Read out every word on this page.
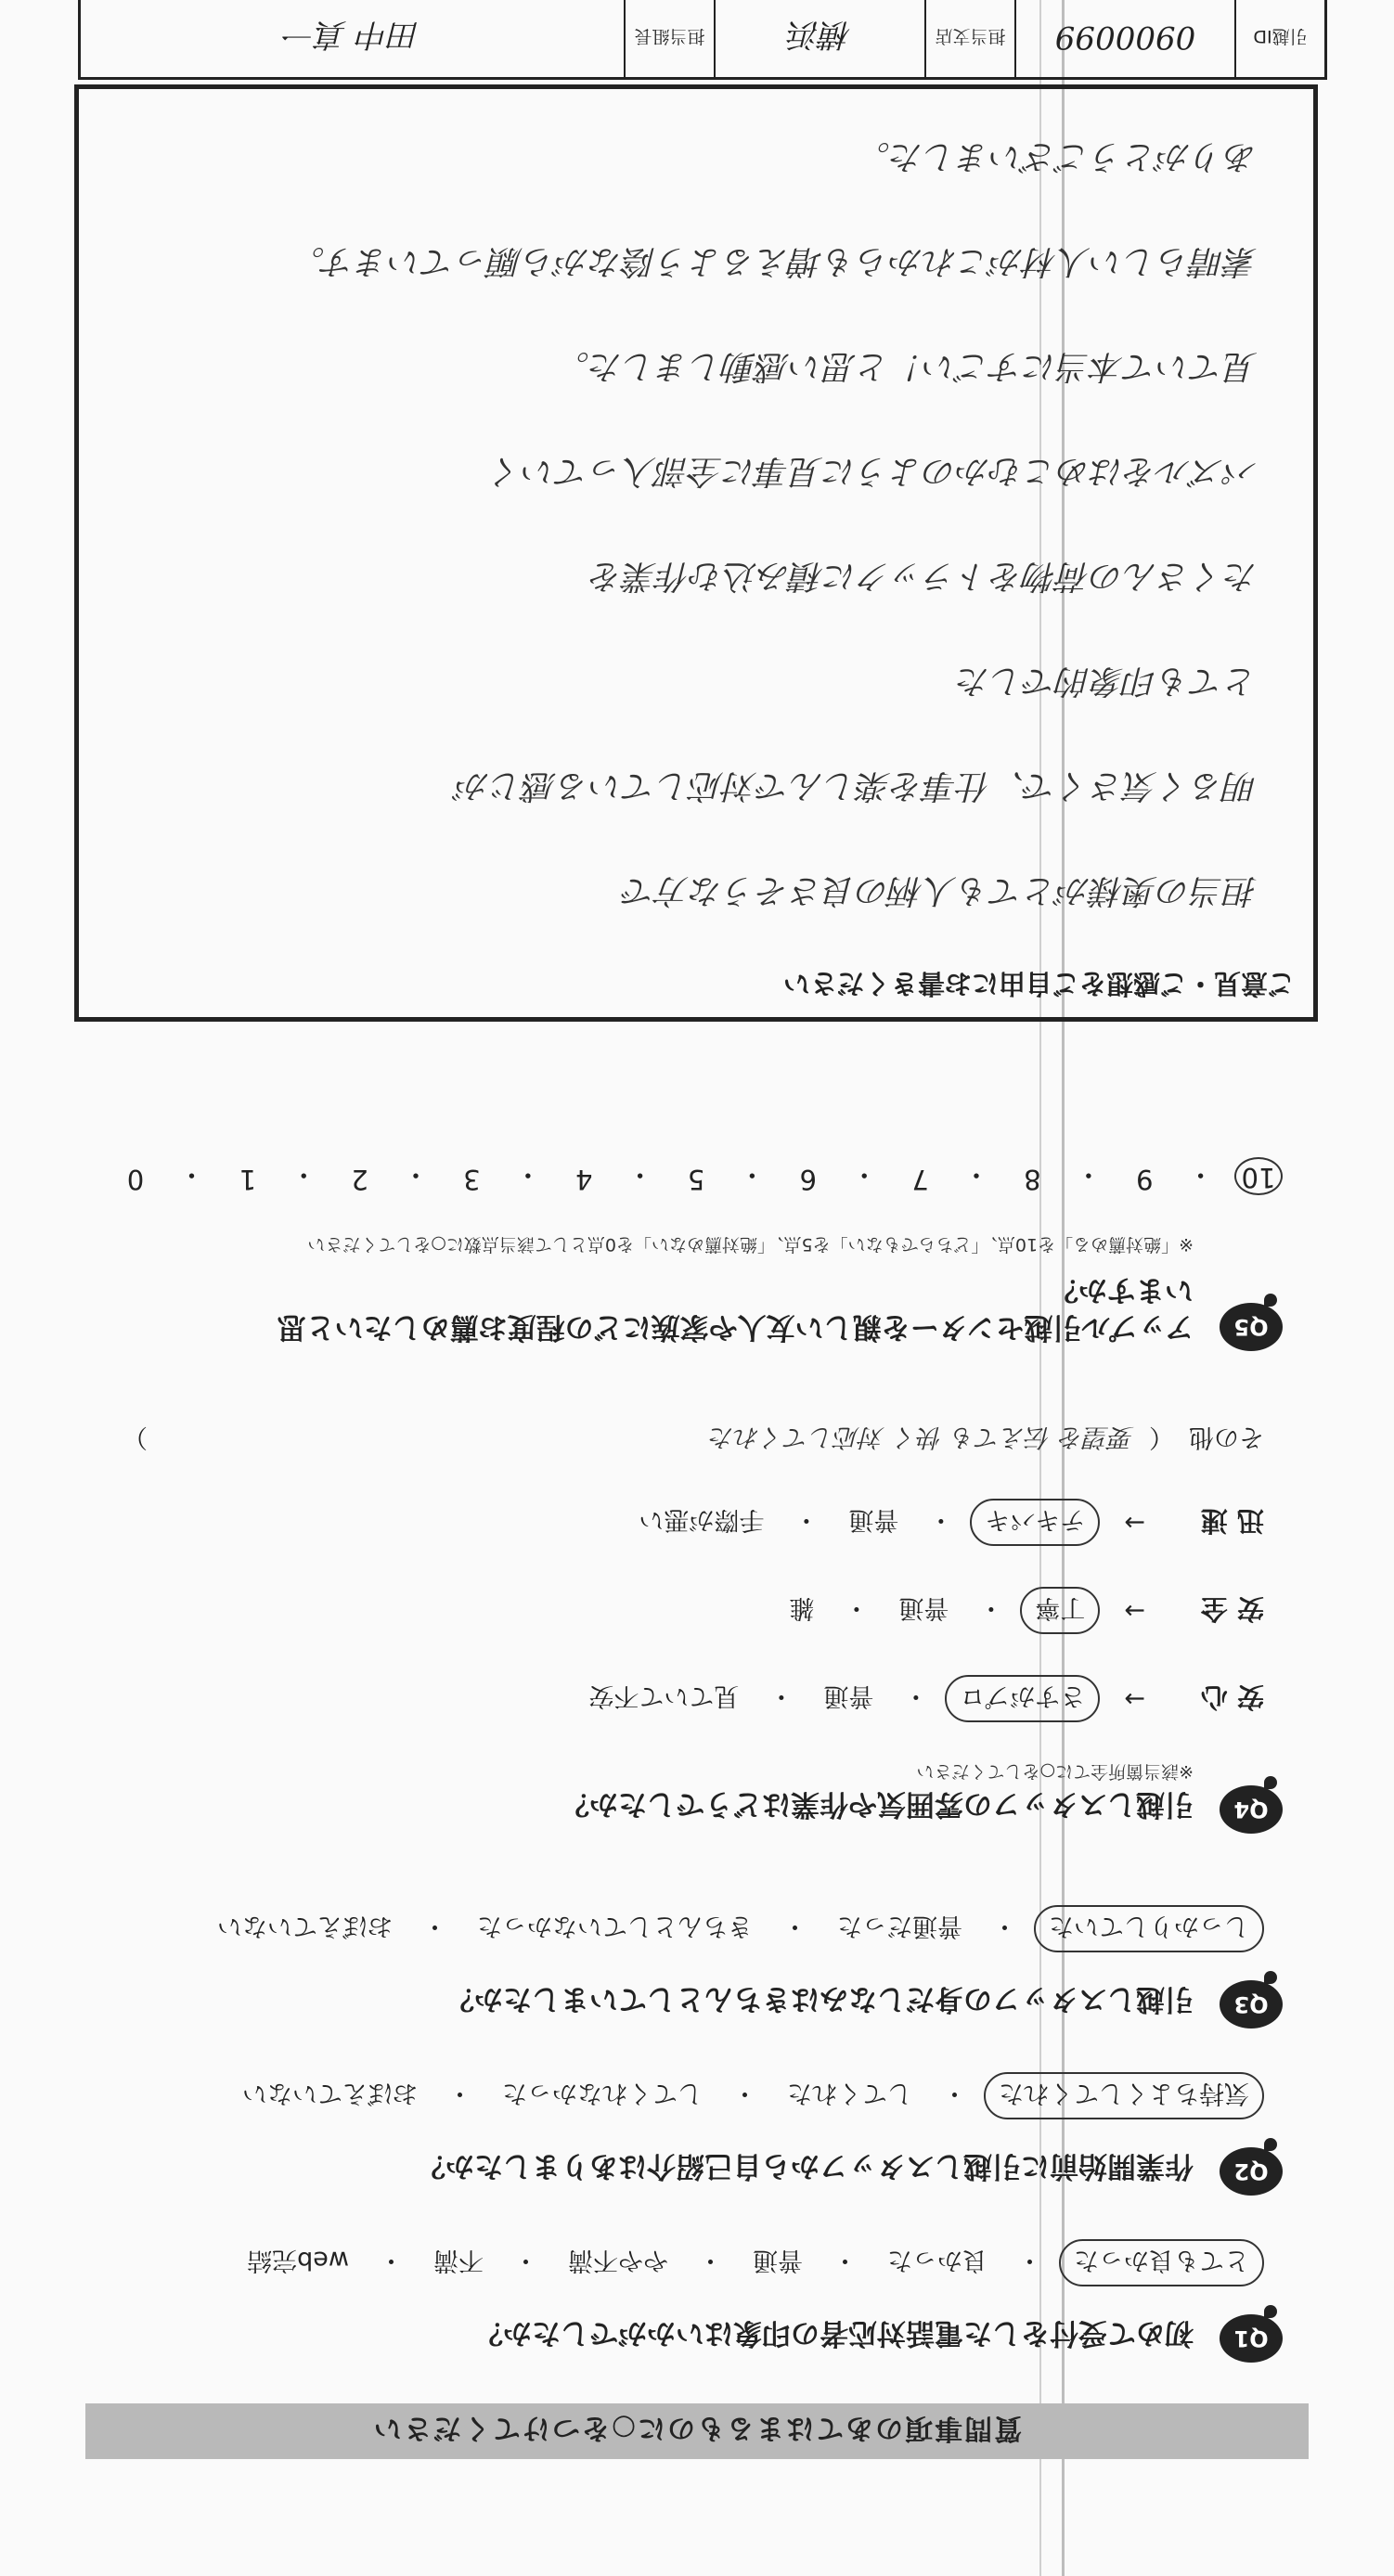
質問事項のあてはまるものに○をつけてください
Q1
初めて受付をした電話対応者の印象はいかがでしたか？
とても良かった
・
良かった
・
普通
・
やや不満
・
不満
・
web完結
Q2
作業開始前に引越しスタッフから自己紹介はありましたか？
気持ちよくしてくれた
・
してくれた
・
してくれなかった
・
おぼえていない
Q3
引越しスタッフの身だしなみはきちんとしていましたか？
しっかりしていた
・
普通だった
・
きちんとしていなかった
・
おぼえていない
Q4
引越しスタッフの雰囲気や作業はどうでしたか？
※該当箇所全てに○をしてください
安 心
→
さすがプロ
・
普通
・
見ていて不安
安 全
→
丁寧
・
普通
・
雑
迅 速
→
テキパキ
・
普通
・
手際が悪い
その他
（
要望を 伝えても 快く 対応してくれた
）
Q5
アップル引越センターを親しい友人や家族にどの程度お薦めしたいと思いますか？
※「絶対薦める」を10点、「どちらでもない」を5点、「絶対薦めない」を0点として該当点数に○をしてください
10
・
9
・
8
・
7
・
6
・
5
・
4
・
3
・
2
・
1
・
0
ご意見・ご感想をご自由にお書きください
担当の奥様がとても人柄の良さそうな方で
明るく気さくで、仕事を楽しんで対応している感じが
とても印象的でした
たくさんの荷物をトラックに積み込む作業を
パズルをはめこむかのように見事に全部入っていく
見ていて本当にすごい！と思い感動しました。
素晴らしい人材がこれからも増えるよう陰ながら願っています。
ありがとうございました。
引越ID
0900099
担当支店
横浜
担当組長
田中 真一
